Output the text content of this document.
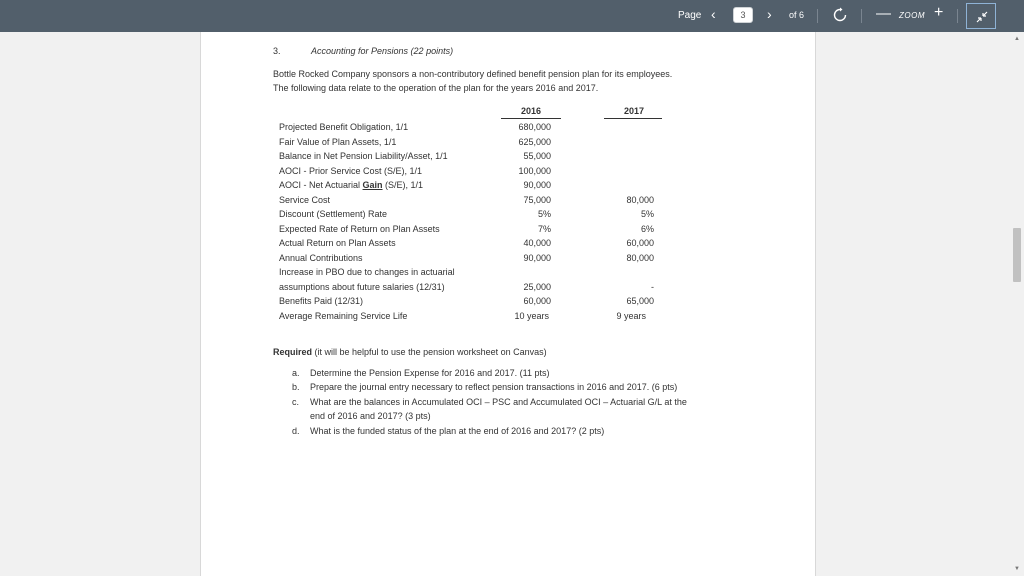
Page ‹
3	› of 6	— ZOOM +
3.	Accounting for Pensions (22 points)
Bottle Rocked Company sponsors a non-contributory defined benefit pension plan for its employees.
The following data relate to the operation of the plan for the years 2016 and 2017.
2016	2017
Projected Benefit Obligation, 1/1	680,000
Fair Value of Plan Assets, 1/1	625,000
Balance in Net Pension Liability/Asset, 1/1	55,000
AOCI - Prior Service Cost (S/E), 1/1	100,000
AOCI - Net Actuarial Gain (S/E), 1/1	90,000
Service Cost	75,000	80,000
Discount (Settlement) Rate	5%	5%
Expected Rate of Return on Plan Assets	7%	6%
Actual Return on Plan Assets	40,000	60,000
Annual Contributions	90,000	80,000
Increase in PBO due to changes in actuarial
assumptions about future salaries (12/31)	25,000	-
Benefits Paid (12/31)	60,000	65,000
Average Remaining Service Life	10 years	9 years
Required (it will be helpful to use the pension worksheet on Canvas)
a. Determine the Pension Expense for 2016 and 2017. (11 pts)
b. Prepare the journal entry necessary to reflect pension transactions in 2016 and 2017. (6 pts)
c. What are the balances in Accumulated OCI – PSC and Accumulated OCI – Actuarial G/L at the
end of 2016 and 2017? (3 pts)
d. What is the funded status of the plan at the end of 2016 and 2017? (2 pts)
▲
▼
